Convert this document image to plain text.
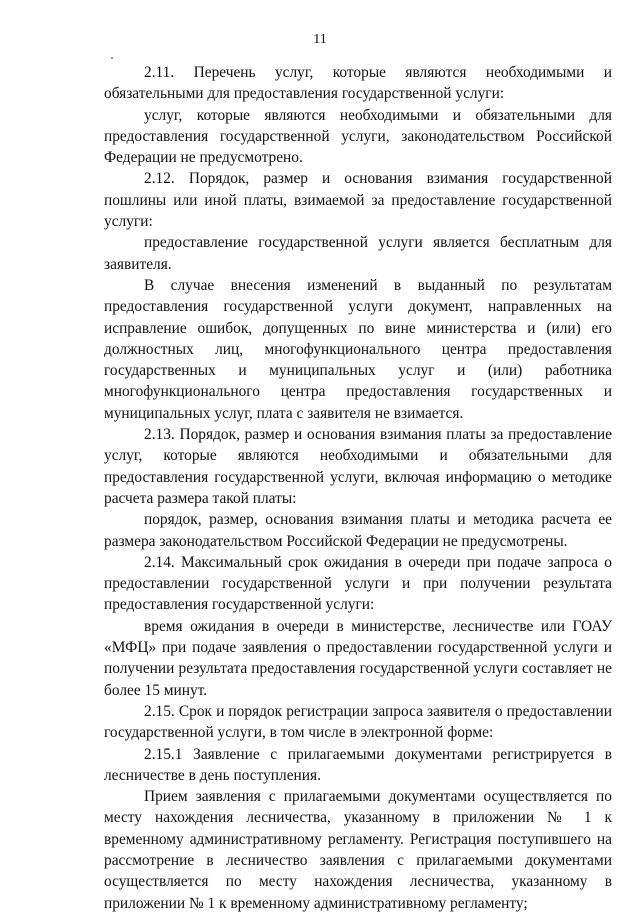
11

2.11. Перечень услуг, которые являются необходимыми и обязательными для предоставления государственной услуги:

услуг, которые являются необходимыми и обязательными для предоставления государственной услуги, законодательством Российской Федерации не предусмотрено.

2.12. Порядок, размер и основания взимания государственной пошлины или иной платы, взимаемой за предоставление государственной услуги:

предоставление государственной услуги является бесплатным для заявителя.

В случае внесения изменений в выданный по результатам предоставления государственной услуги документ, направленных на исправление ошибок, допущенных по вине министерства и (или) его должностных лиц, многофункционального центра предоставления государственных и муниципальных услуг и (или) работника многофункционального центра предоставления государственных и муниципальных услуг, плата с заявителя не взимается.

2.13. Порядок, размер и основания взимания платы за предоставление услуг, которые являются необходимыми и обязательными для предоставления государственной услуги, включая информацию о методике расчета размера такой платы:

порядок, размер, основания взимания платы и методика расчета ее размера законодательством Российской Федерации не предусмотрены.

2.14. Максимальный срок ожидания в очереди при подаче запроса о предоставлении государственной услуги и при получении результата предоставления государственной услуги:

время ожидания в очереди в министерстве, лесничестве или ГОАУ «МФЦ» при подаче заявления о предоставлении государственной услуги и получении результата предоставления государственной услуги составляет не более 15 минут.

2.15. Срок и порядок регистрации запроса заявителя о предоставлении государственной услуги, в том числе в электронной форме:

2.15.1 Заявление с прилагаемыми документами регистрируется в лесничестве в день поступления.

Прием заявления с прилагаемыми документами осуществляется по месту нахождения лесничества, указанному в приложении № 1 к временному административному регламенту. Регистрация поступившего на рассмотрение в лесничество заявления с прилагаемыми документами осуществляется по месту нахождения лесничества, указанному в приложении № 1 к временному административному регламенту;
